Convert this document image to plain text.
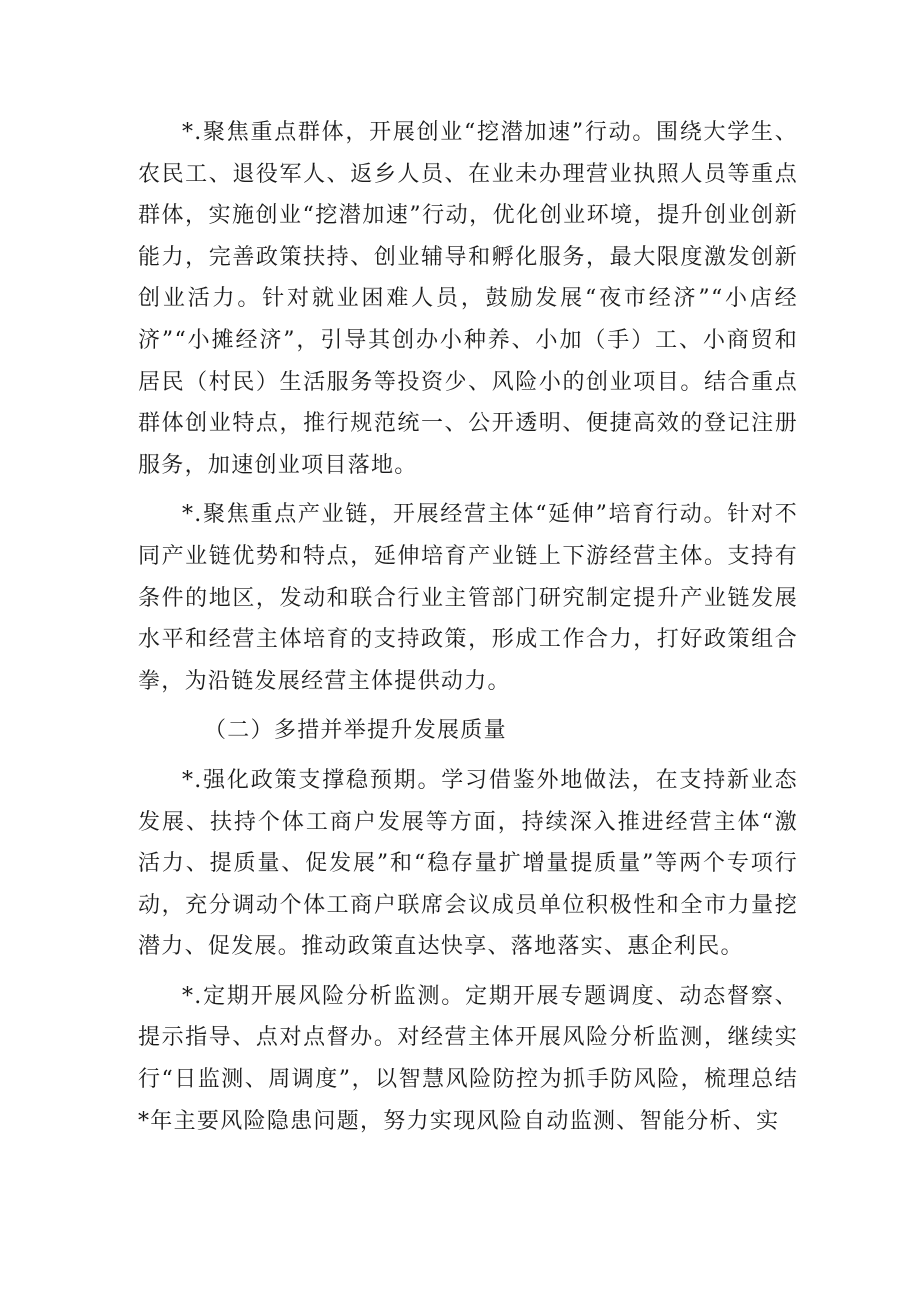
*.聚焦重点群体，开展创业“挖潜加速”行动。围绕大学生、农民工、退役军人、返乡人员、在业未办理营业执照人员等重点群体，实施创业“挖潜加速”行动，优化创业环境，提升创业创新能力，完善政策扶持、创业辅导和孵化服务，最大限度激发创新创业活力。针对就业困难人员，鼓励发展“夜市经济”“小店经济”“小摊经济”，引导其创办小种养、小加（手）工、小商贸和居民（村民）生活服务等投资少、风险小的创业项目。结合重点群体创业特点，推行规范统一、公开透明、便捷高效的登记注册服务，加速创业项目落地。

*.聚焦重点产业链，开展经营主体“延伸”培育行动。针对不同产业链优势和特点，延伸培育产业链上下游经营主体。支持有条件的地区，发动和联合行业主管部门研究制定提升产业链发展水平和经营主体培育的支持政策，形成工作合力，打好政策组合拳，为沿链发展经营主体提供动力。

（二）多措并举提升发展质量

*.强化政策支撑稳预期。学习借鉴外地做法，在支持新业态发展、扶持个体工商户发展等方面，持续深入推进经营主体“激活力、提质量、促发展”和“稳存量扩增量提质量”等两个专项行动，充分调动个体工商户联席会议成员单位积极性和全市力量挖潜力、促发展。推动政策直达快享、落地落实、惠企利民。

*.定期开展风险分析监测。定期开展专题调度、动态督察、提示指导、点对点督办。对经营主体开展风险分析监测，继续实行“日监测、周调度”，以智慧风险防控为抓手防风险，梳理总结*年主要风险隐患问题，努力实现风险自动监测、智能分析、实
